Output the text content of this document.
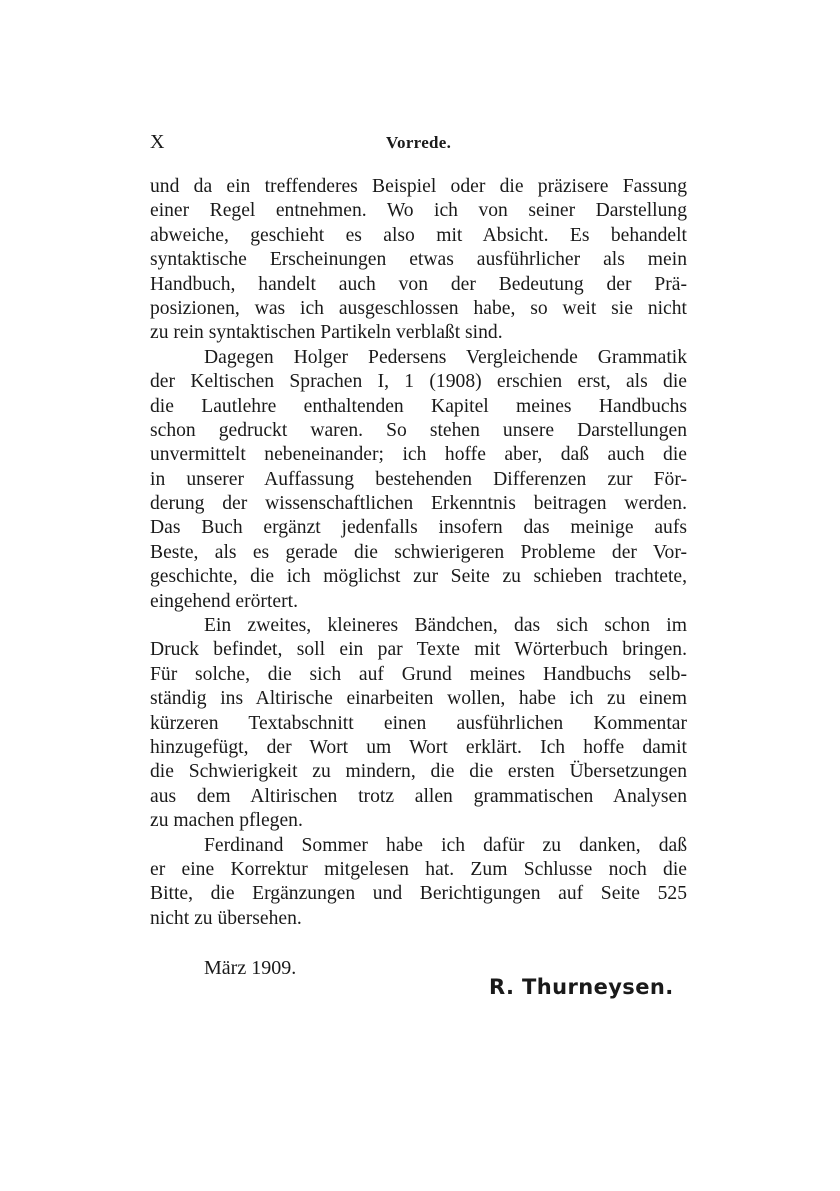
X	Vorrede.
und da ein treffenderes Beispiel oder die präzisere Fassung
einer Regel entnehmen. Wo ich von seiner Darstellung
abweiche, geschieht es also mit Absicht. Es behandelt
syntaktische Erscheinungen etwas ausführlicher als mein
Handbuch, handelt auch von der Bedeutung der Prä-
posizionen, was ich ausgeschlossen habe, so weit sie nicht
zu rein syntaktischen Partikeln verblaßt sind.
Dagegen Holger Pedersens Vergleichende Grammatik
der Keltischen Sprachen I, 1 (1908) erschien erst, als die
die Lautlehre enthaltenden Kapitel meines Handbuchs
schon gedruckt waren. So stehen unsere Darstellungen
unvermittelt nebeneinander; ich hoffe aber, daß auch die
in unserer Auffassung bestehenden Differenzen zur För-
derung der wissenschaftlichen Erkenntnis beitragen werden.
Das Buch ergänzt jedenfalls insofern das meinige aufs
Beste, als es gerade die schwierigeren Probleme der Vor-
geschichte, die ich möglichst zur Seite zu schieben trachtete,
eingehend erörtert.
Ein zweites, kleineres Bändchen, das sich schon im
Druck befindet, soll ein par Texte mit Wörterbuch bringen.
Für solche, die sich auf Grund meines Handbuchs selb-
ständig ins Altirische einarbeiten wollen, habe ich zu einem
kürzeren Textabschnitt einen ausführlichen Kommentar
hinzugefügt, der Wort um Wort erklärt. Ich hoffe damit
die Schwierigkeit zu mindern, die die ersten Übersetzungen
aus dem Altirischen trotz allen grammatischen Analysen
zu machen pflegen.
Ferdinand Sommer habe ich dafür zu danken, daß
er eine Korrektur mitgelesen hat. Zum Schlusse noch die
Bitte, die Ergänzungen und Berichtigungen auf Seite 525
nicht zu übersehen.
März 1909.
R. Thurneysen.
